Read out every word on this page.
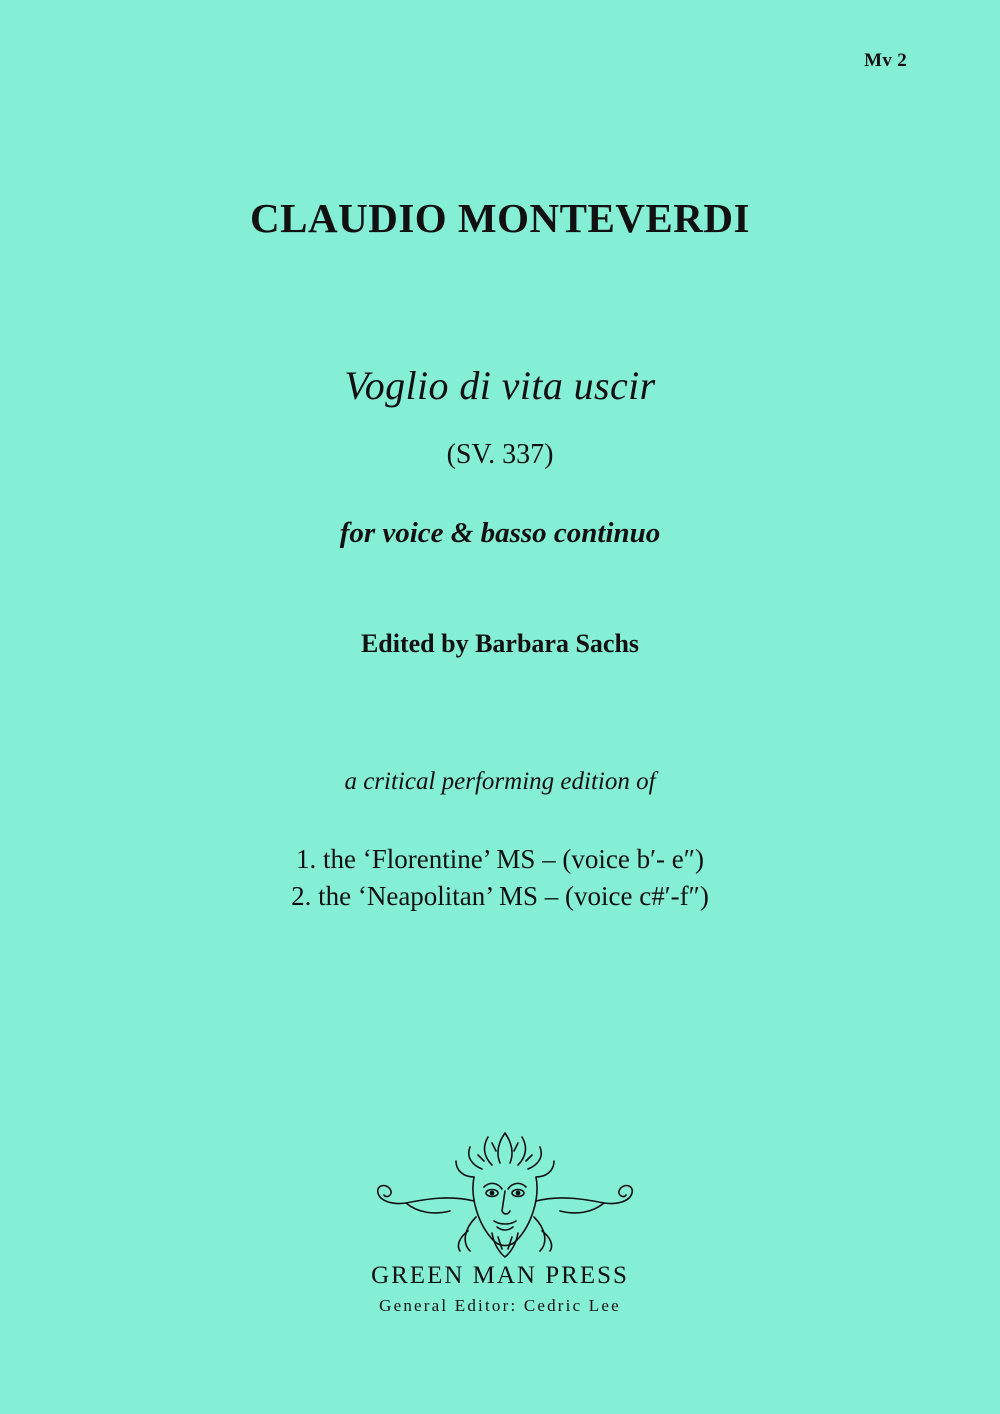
Mv 2
CLAUDIO MONTEVERDI
Voglio di vita uscir
(SV. 337)
for voice & basso continuo
Edited by Barbara Sachs
a critical performing edition of
1. the ‘Florentine’ MS – (voice b′- e″)
2. the ‘Neapolitan’ MS – (voice c#′-f″)
GREEN MAN PRESS
General Editor: Cedric Lee
